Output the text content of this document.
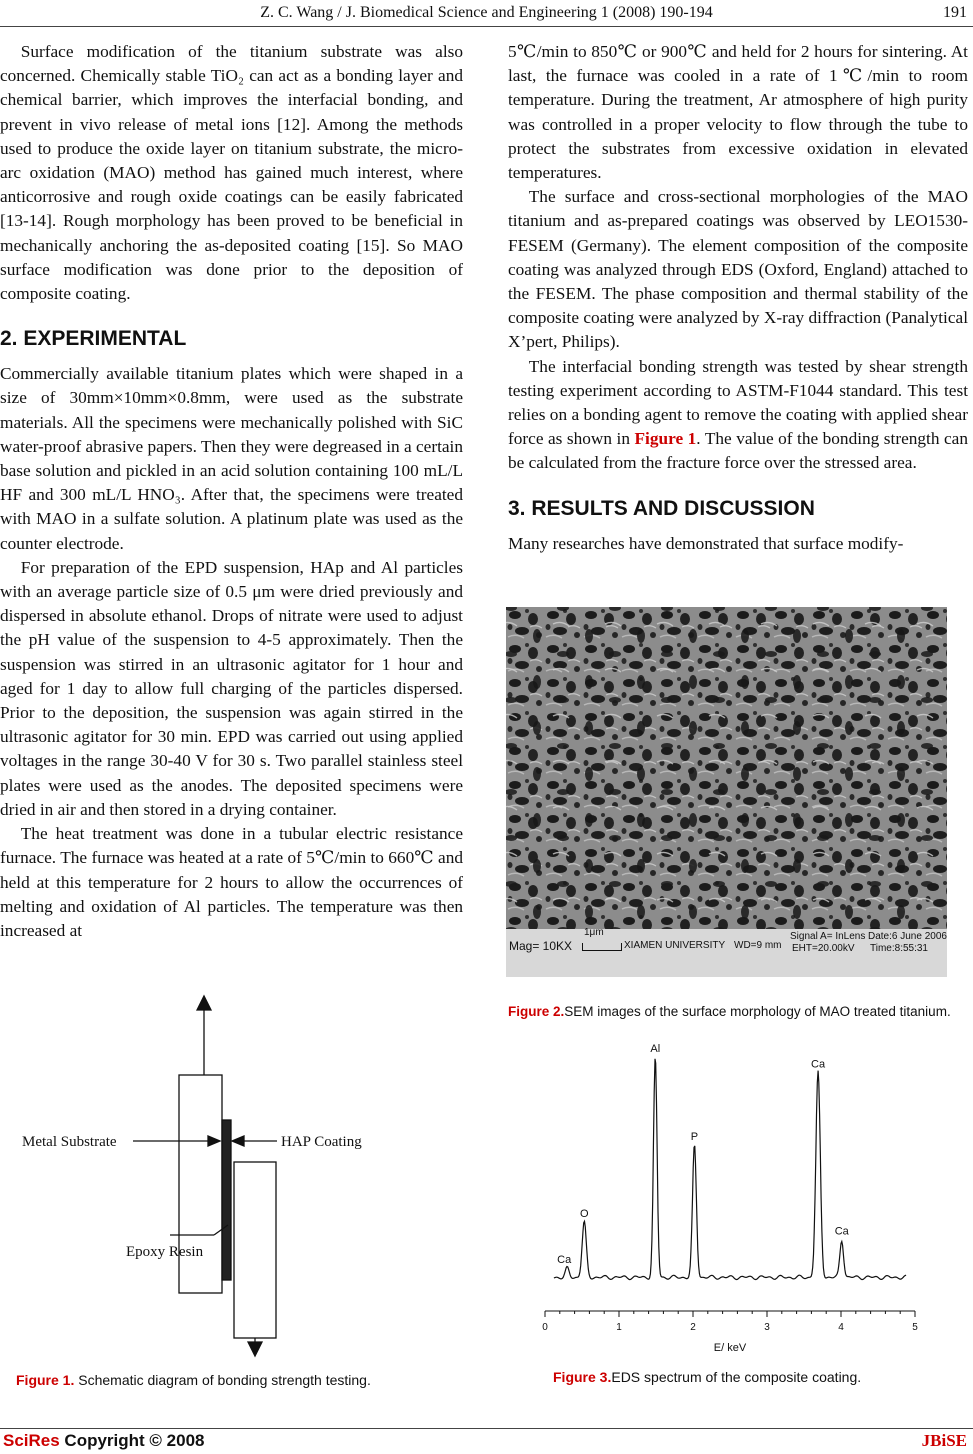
Z. C. Wang / J. Biomedical Science and Engineering 1 (2008) 190-194	191

Surface modification of the titanium substrate was also concerned. Chemically stable TiO₂ can act as a bonding layer and chemical barrier, which improves the interfacial bonding, and prevent in vivo release of metal ions [12]. Among the methods used to produce the oxide layer on titanium substrate, the micro-arc oxidation (MAO) method has gained much interest, where anticorrosive and rough oxide coatings can be easily fabricated [13-14]. Rough morphology has been proved to be beneficial in mechanically anchoring the as-deposited coating [15]. So MAO surface modification was done prior to the deposition of composite coating.

2. EXPERIMENTAL

Commercially available titanium plates which were shaped in a size of 30mm×10mm×0.8mm, were used as the substrate materials. All the specimens were mechanically polished with SiC water-proof abrasive papers. Then they were degreased in a certain base solution and pickled in an acid solution containing 100 mL/L HF and 300 mL/L HNO₃. After that, the specimens were treated with MAO in a sulfate solution. A platinum plate was used as the counter electrode.

For preparation of the EPD suspension, HAp and Al particles with an average particle size of 0.5 μm were dried previously and dispersed in absolute ethanol. Drops of nitrate were used to adjust the pH value of the suspension to 4-5 approximately. Then the suspension was stirred in an ultrasonic agitator for 1 hour and aged for 1 day to allow full charging of the particles dispersed. Prior to the deposition, the suspension was again stirred in the ultrasonic agitator for 30 min. EPD was carried out using applied voltages in the range 30-40 V for 30 s. Two parallel stainless steel plates were used as the anodes. The deposited specimens were dried in air and then stored in a drying container.

The heat treatment was done in a tubular electric resistance furnace. The furnace was heated at a rate of 5℃/min to 660℃ and held at this temperature for 2 hours to allow the occurrences of melting and oxidation of Al particles. The temperature was then increased at

5℃/min to 850℃ or 900℃ and held for 2 hours for sintering. At last, the furnace was cooled in a rate of 1℃/min to room temperature. During the treatment, Ar atmosphere of high purity was controlled in a proper velocity to flow through the tube to protect the substrates from excessive oxidation in elevated temperatures.

The surface and cross-sectional morphologies of the MAO titanium and as-prepared coatings was observed by LEO1530-FESEM (Germany). The element composition of the composite coating was analyzed through EDS (Oxford, England) attached to the FESEM. The phase composition and thermal stability of the composite coating were analyzed by X-ray diffraction (Panalytical X’pert, Philips).

The interfacial bonding strength was tested by shear strength testing experiment according to ASTM-F1044 standard. This test relies on a bonding agent to remove the coating with applied shear force as shown in Figure 1. The value of the bonding strength can be calculated from the fracture force over the stressed area.

3. RESULTS AND DISCUSSION

Many researches have demonstrated that surface modify-

Mag= 10KX
1μm
XIAMEN UNIVERSITY WD=9 mm
Signal A= InLens
EHT=20.00kV
Date:6 June 2006
Time:8:55:31
Figure 2.SEM images of the surface morphology of MAO treated titanium.
Metal Substrate	HAP Coating
Epoxy Resin
Figure 1. Schematic diagram of bonding strength testing.
0	1	2	3	4	5
Ca
O
Al
P
Ca
Ca
E/ keV
Figure 3.EDS spectrum of the composite coating.
SciRes Copyright © 2008	JBiSE
